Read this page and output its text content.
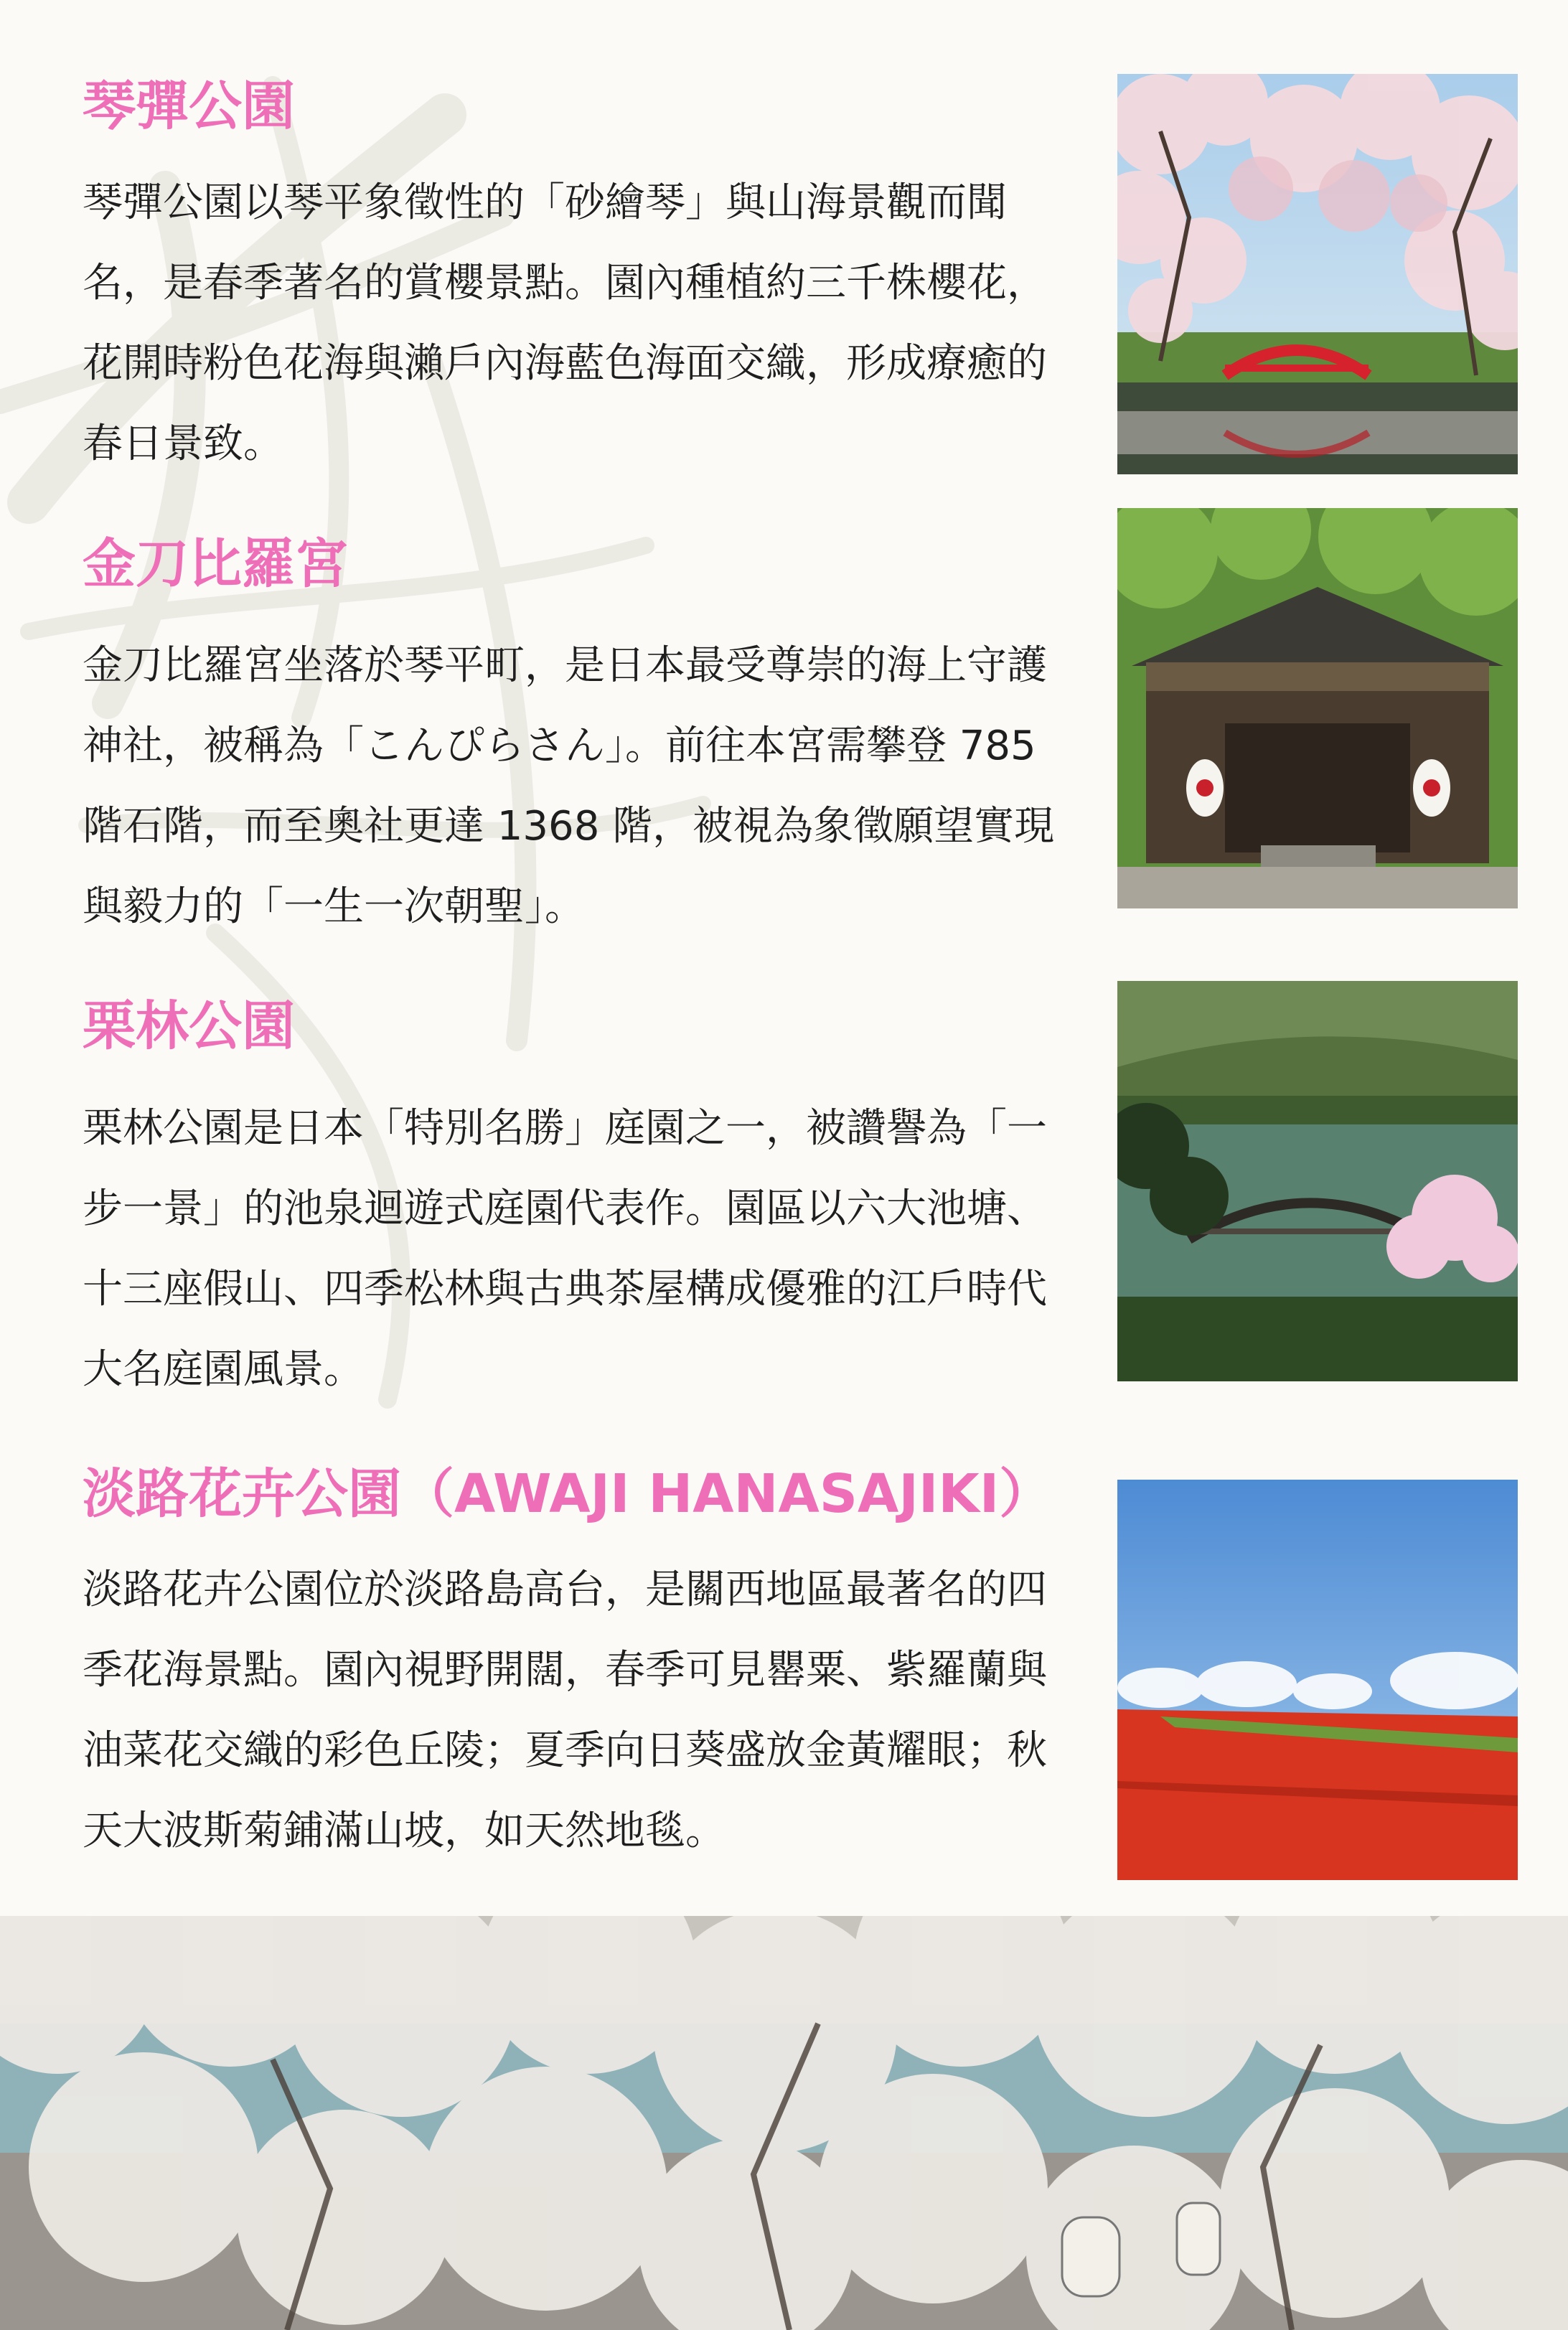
琴彈公園

琴彈公園以琴平象徵性的「砂繪琴」與山海景觀而聞名，是春季著名的賞櫻景點。園內種植約三千株櫻花，花開時粉色花海與瀨戶內海藍色海面交織，形成療癒的春日景致。

金刀比羅宮

金刀比羅宮坐落於琴平町，是日本最受尊崇的海上守護神社，被稱為「こんぴらさん」。前往本宮需攀登 785 階石階，而至奧社更達 1368 階，被視為象徵願望實現與毅力的「一生一次朝聖」。

栗林公園

栗林公園是日本「特別名勝」庭園之一，被讚譽為「一步一景」的池泉迴遊式庭園代表作。園區以六大池塘、十三座假山、四季松林與古典茶屋構成優雅的江戶時代大名庭園風景。

淡路花卉公園（AWAJI HANASAJIKI）

淡路花卉公園位於淡路島高台，是關西地區最著名的四季花海景點。園內視野開闊，春季可見罌粟、紫羅蘭與油菜花交織的彩色丘陵；夏季向日葵盛放金黃耀眼；秋天大波斯菊鋪滿山坡，如天然地毯。
